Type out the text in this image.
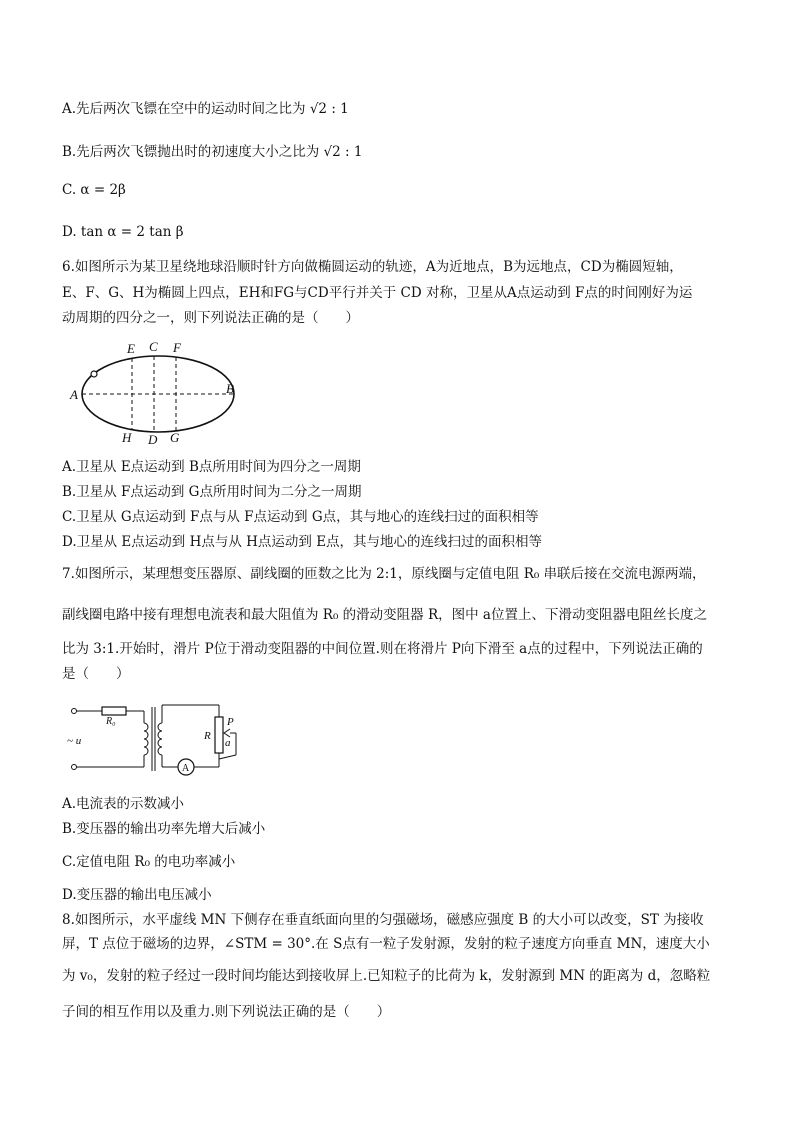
A.先后两次飞镖在空中的运动时间之比为 √2 : 1
B.先后两次飞镖抛出时的初速度大小之比为 √2 : 1
C. α = 2β
D. tan α = 2 tan β
6.如图所示为某卫星绕地球沿顺时针方向做椭圆运动的轨迹，A为近地点，B为远地点，CD为椭圆短轴，
E、F、G、H为椭圆上四点，EH和FG与CD平行并关于 CD 对称，卫星从A点运动到 F点的时间刚好为运
动周期的四分之一，则下列说法正确的是（　　）
E C F
A	B
H D G
A.卫星从 E点运动到 B点所用时间为四分之一周期
B.卫星从 F点运动到 G点所用时间为二分之一周期
C.卫星从 G点运动到 F点与从 F点运动到 G点，其与地心的连线扫过的面积相等
D.卫星从 E点运动到 H点与从 H点运动到 E点，其与地心的连线扫过的面积相等
7.如图所示，某理想变压器原、副线圈的匝数之比为 2:1，原线圈与定值电阻 R₀ 串联后接在交流电源两端，
副线圈电路中接有理想电流表和最大阻值为 R₀ 的滑动变阻器 R，图中 a位置上、下滑动变阻器电阻丝长度之
比为 3:1.开始时，滑片 P位于滑动变阻器的中间位置.则在将滑片 P向下滑至 a点的过程中，下列说法正确的
是（　　）
A
R₀
~ u	R
P
a
A.电流表的示数减小
B.变压器的输出功率先增大后减小
C.定值电阻 R₀ 的电功率减小
D.变压器的输出电压减小
8.如图所示，水平虚线 MN 下侧存在垂直纸面向里的匀强磁场，磁感应强度 B 的大小可以改变，ST 为接收
屏，T 点位于磁场的边界，∠STM = 30°.在 S点有一粒子发射源，发射的粒子速度方向垂直 MN，速度大小
为 v₀，发射的粒子经过一段时间均能达到接收屏上.已知粒子的比荷为 k，发射源到 MN 的距离为 d，忽略粒
子间的相互作用以及重力.则下列说法正确的是（　　）
